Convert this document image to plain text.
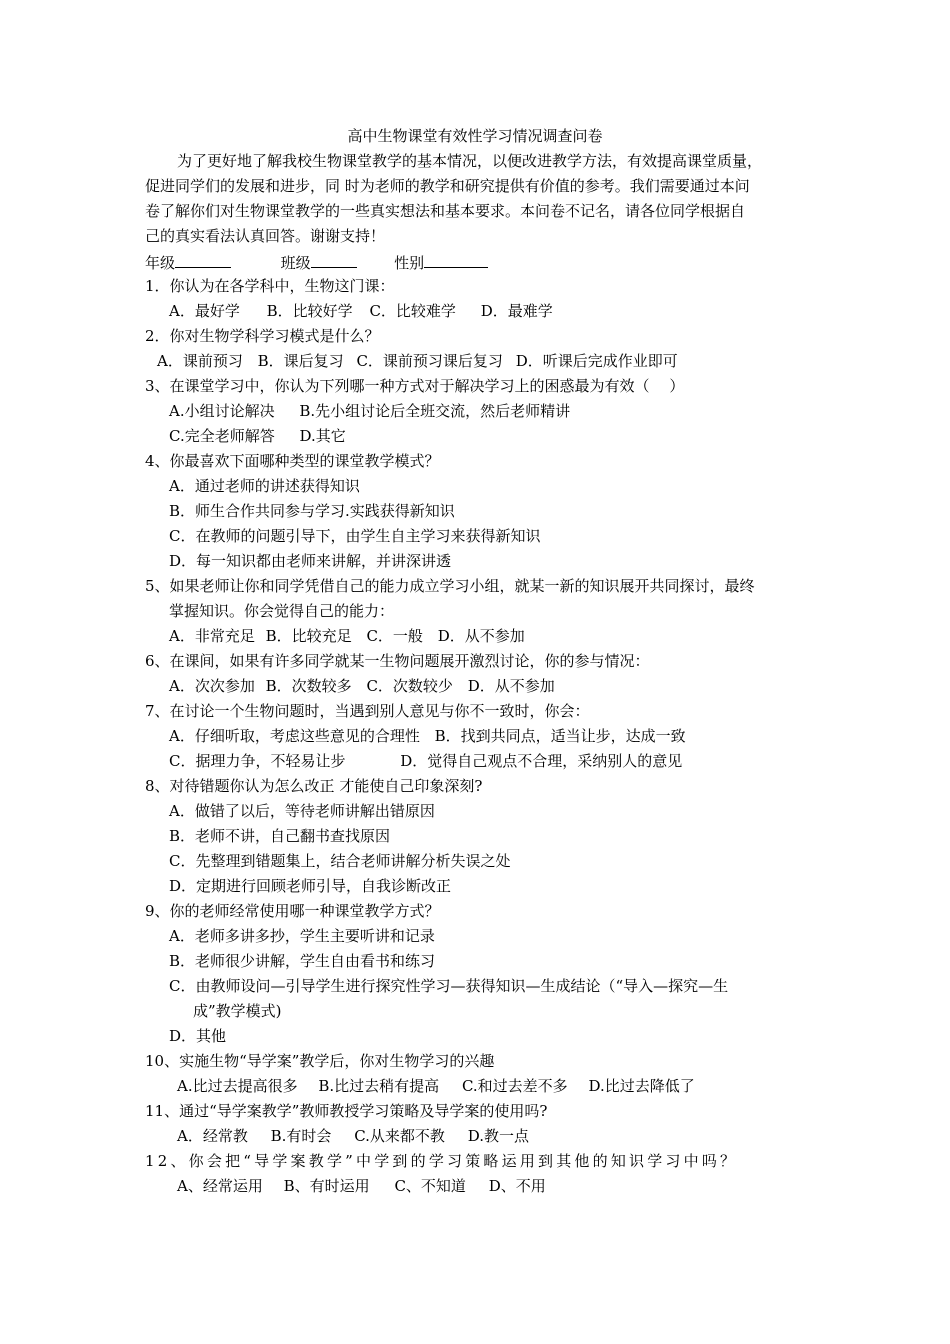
高中生物课堂有效性学习情况调查问卷
为了更好地了解我校生物课堂教学的基本情况，以便改进教学方法，有效提高课堂质量，
促进同学们的发展和进步，同 时为老师的教学和研究提供有价值的参考。我们需要通过本问
卷了解你们对生物课堂教学的一些真实想法和基本要求。本问卷不记名，请各位同学根据自
己的真实看法认真回答。谢谢支持！
年级	班级	性别
1．你认为在各学科中，生物这门课：
A．最好学 B．比较好学 C．比较难学 D．最难学
2．你对生物学科学习模式是什么？
A．课前预习 B．课后复习 C．课前预习课后复习 D．听课后完成作业即可
3、在课堂学习中，你认为下列哪一种方式对于解决学习上的困惑最为有效（　 ）
A.小组讨论解决 B.先小组讨论后全班交流，然后老师精讲
C.完全老师解答 D.其它
4、你最喜欢下面哪种类型的课堂教学模式？
A．通过老师的讲述获得知识
B．师生合作共同参与学习.实践获得新知识
C．在教师的问题引导下，由学生自主学习来获得新知识
D．每一知识都由老师来讲解，并讲深讲透
5、如果老师让你和同学凭借自己的能力成立学习小组，就某一新的知识展开共同探讨，最终
掌握知识。你会觉得自己的能力：
A．非常充足 B．比较充足 C．一般 D．从不参加
6、在课间，如果有许多同学就某一生物问题展开激烈讨论，你的参与情况：
A．次次参加 B．次数较多 C．次数较少 D．从不参加
7、在讨论一个生物问题时，当遇到别人意见与你不一致时，你会：
A．仔细听取，考虑这些意见的合理性 B．找到共同点，适当让步，达成一致
C．据理力争，不轻易让步	D．觉得自己观点不合理，采纳别人的意见
8、对待错题你认为怎么改正 才能使自己印象深刻?
A．做错了以后，等待老师讲解出错原因
B．老师不讲，自己翻书查找原因
C．先整理到错题集上，结合老师讲解分析失误之处
D．定期进行回顾老师引导，自我诊断改正
9、你的老师经常使用哪一种课堂教学方式？
A．老师多讲多抄，学生主要听讲和记录
B．老师很少讲解，学生自由看书和练习
C．由教师设问—引导学生进行探究性学习—获得知识—生成结论（“导入—探究—生
成”教学模式)
D．其他
10、实施生物“导学案”教学后，你对生物学习的兴趣
A.比过去提高很多 B.比过去稍有提高 C.和过去差不多 D.比过去降低了
11、通过“导学案教学”教师教授学习策略及导学案的使用吗?
A．经常教 B.有时会 C.从来都不教 D.教一点
12、你会把“导学案教学”中学到的学习策略运用到其他的知识学习中吗？
A、经常运用 B、有时运用 C、不知道 D、不用
